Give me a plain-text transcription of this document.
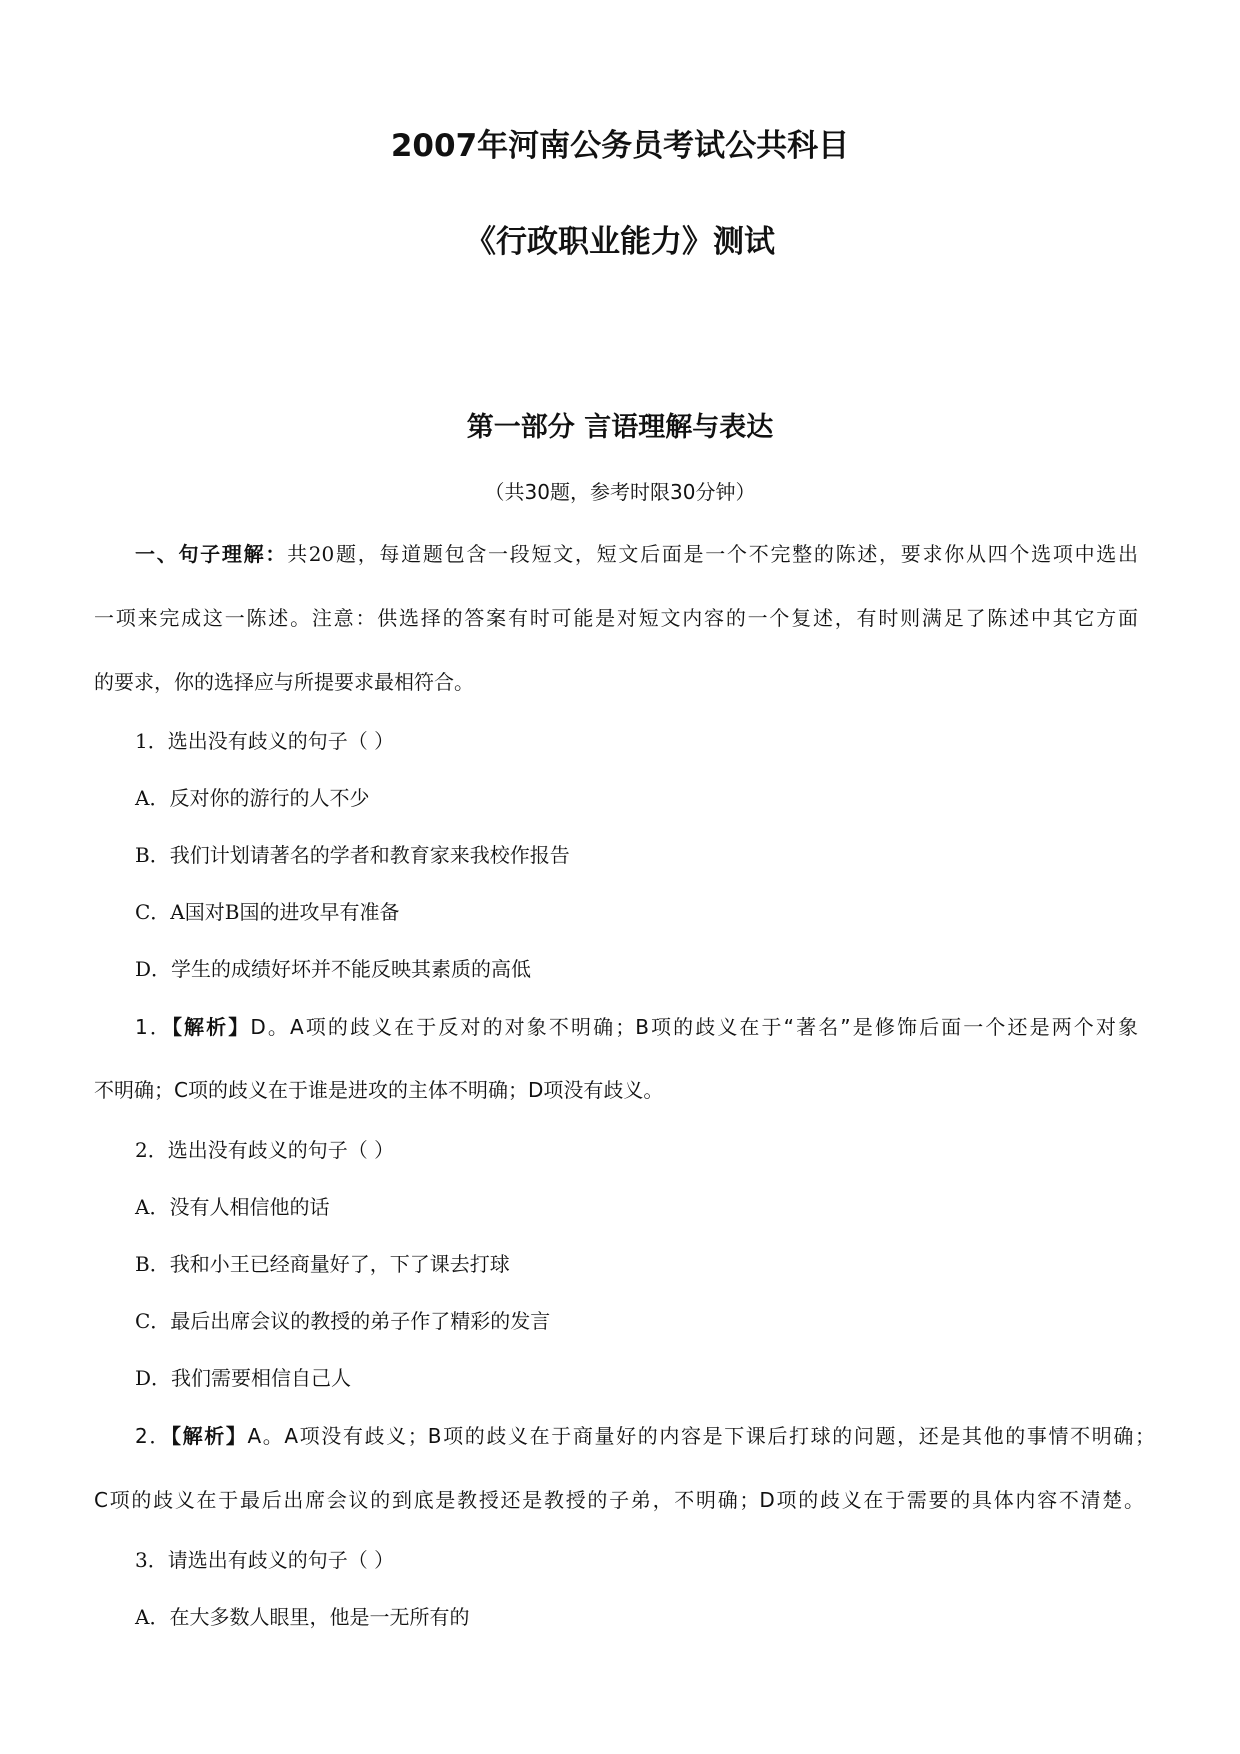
2007年河南公务员考试公共科目
《行政职业能力》测试
第一部分 言语理解与表达
（共30题，参考时限30分钟）
一、句子理解：共20题，每道题包含一段短文，短文后面是一个不完整的陈述，要求你从四个选项中选出
一项来完成这一陈述。注意：供选择的答案有时可能是对短文内容的一个复述，有时则满足了陈述中其它方面
的要求，你的选择应与所提要求最相符合。
1．选出没有歧义的句子（ ）
A．反对你的游行的人不少
B．我们计划请著名的学者和教育家来我校作报告
C．A国对B国的进攻早有准备
D．学生的成绩好坏并不能反映其素质的高低
1．【解析】D。A项的歧义在于反对的对象不明确；B项的歧义在于“著名”是修饰后面一个还是两个对象
不明确；C项的歧义在于谁是进攻的主体不明确；D项没有歧义。
2．选出没有歧义的句子（ ）
A．没有人相信他的话
B．我和小王已经商量好了，下了课去打球
C．最后出席会议的教授的弟子作了精彩的发言
D．我们需要相信自己人
2．【解析】A。A项没有歧义；B项的歧义在于商量好的内容是下课后打球的问题，还是其他的事情不明确；
C项的歧义在于最后出席会议的到底是教授还是教授的子弟，不明确；D项的歧义在于需要的具体内容不清楚。
3．请选出有歧义的句子（ ）
A．在大多数人眼里，他是一无所有的
